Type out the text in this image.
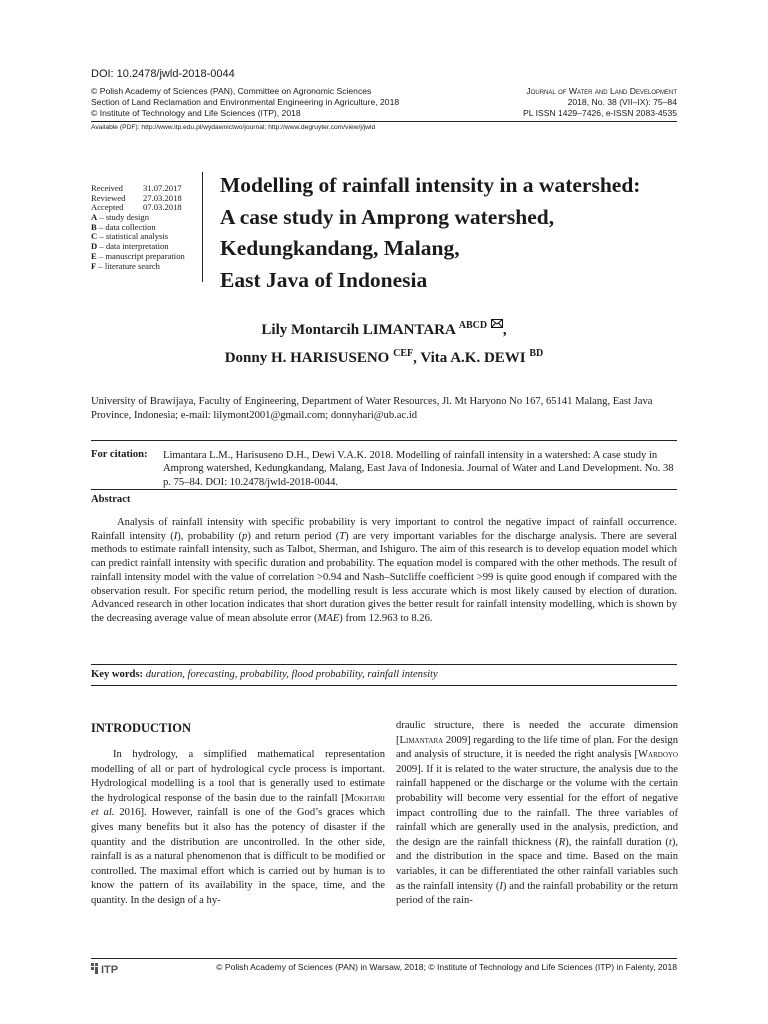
DOI: 10.2478/jwld-2018-0044
© Polish Academy of Sciences (PAN), Committee on Agronomic Sciences
Section of Land Reclamation and Environmental Engineering in Agriculture, 2018
© Institute of Technology and Life Sciences (ITP), 2018
Journal of Water and Land Development
2018, No. 38 (VII–IX): 75–84
PL ISSN 1429–7426, e-ISSN 2083-4535
Available (PDF): http://www.itp.edu.pl/wydawnictwo/journal; http://www.degruyter.com/view/j/jwld
Received	31.07.2017
Reviewed	27.03.2018
Accepted	07.03.2018
A – study design
B – data collection
C – statistical analysis
D – data interpretation
E – manuscript preparation
F – literature search
Modelling of rainfall intensity in a watershed:
A case study in Amprong watershed,
Kedungkandang, Malang,
East Java of Indonesia
Lily Montarcih LIMANTARA $^{ABCD}$ ,
Donny H. HARISUSENO $^{CEF}$, Vita A.K. DEWI $^{BD}$
University of Brawijaya, Faculty of Engineering, Department of Water Resources, Jl. Mt Haryono No 167, 65141 Malang, East Java Province, Indonesia; e-mail: lilymont2001@gmail.com; donnyhari@ub.ac.id
For citation: Limantara L.M., Harisuseno D.H., Dewi V.A.K. 2018. Modelling of rainfall intensity in a watershed: A case study in Amprong watershed, Kedungkandang, Malang, East Java of Indonesia. Journal of Water and Land Development. No. 38 p. 75–84. DOI: 10.2478/jwld-2018-0044.
Abstract
Analysis of rainfall intensity with specific probability is very important to control the negative impact of rainfall occurrence. Rainfall intensity (I), probability (p) and return period (T) are very important variables for the discharge analysis. There are several methods to estimate rainfall intensity, such as Talbot, Sherman, and Ishiguro. The aim of this research is to develop equation model which can predict rainfall intensity with specific duration and probability. The equation model is compared with the other methods. The result of rainfall intensity model with the value of correlation >0.94 and Nash–Sutcliffe coefficient >99 is quite good enough if compared with the observation result. For specific return period, the modelling result is less accurate which is most likely caused by election of duration. Advanced research in other location indicates that short duration gives the better result for rainfall intensity modelling, which is shown by the decreasing average value of mean absolute error (MAE) from 12.963 to 8.26.
Key words: duration, forecasting, probability, flood probability, rainfall intensity
INTRODUCTION
In hydrology, a simplified mathematical representation modelling of all or part of hydrological cycle process is important. Hydrological modelling is a tool that is generally used to estimate the hydrological response of the basin due to the rainfall [Mokhtari et al. 2016]. However, rainfall is one of the God’s graces which gives many benefits but it also has the potency of disaster if the quantity and the distribution are uncontrolled. In the other side, rainfall is as a natural phenomenon that is difficult to be modified or controlled. The maximal effort which is carried out by human is to know the pattern of its availability in the space, time, and the quantity. In the design of a hy-
draulic structure, there is needed the accurate dimension [Limantara 2009] regarding to the life time of plan. For the design and analysis of structure, it is needed the right analysis [Wardoyo 2009]. If it is related to the water structure, the analysis due to the rainfall happened or the discharge or the volume with the certain probability will become very essential for the effort of negative impact controlling due to the rainfall. The three variables of rainfall which are generally used in the analysis, prediction, and the design are the rainfall thickness (R), the rainfall duration (t), and the distribution in the space and time. Based on the main variables, it can be differentiated the other rainfall variables such as the rainfall intensity (I) and the rainfall probability or the return period of the rain-
ITP	© Polish Academy of Sciences (PAN) in Warsaw, 2018; © Institute of Technology and Life Sciences (ITP) in Falenty, 2018
